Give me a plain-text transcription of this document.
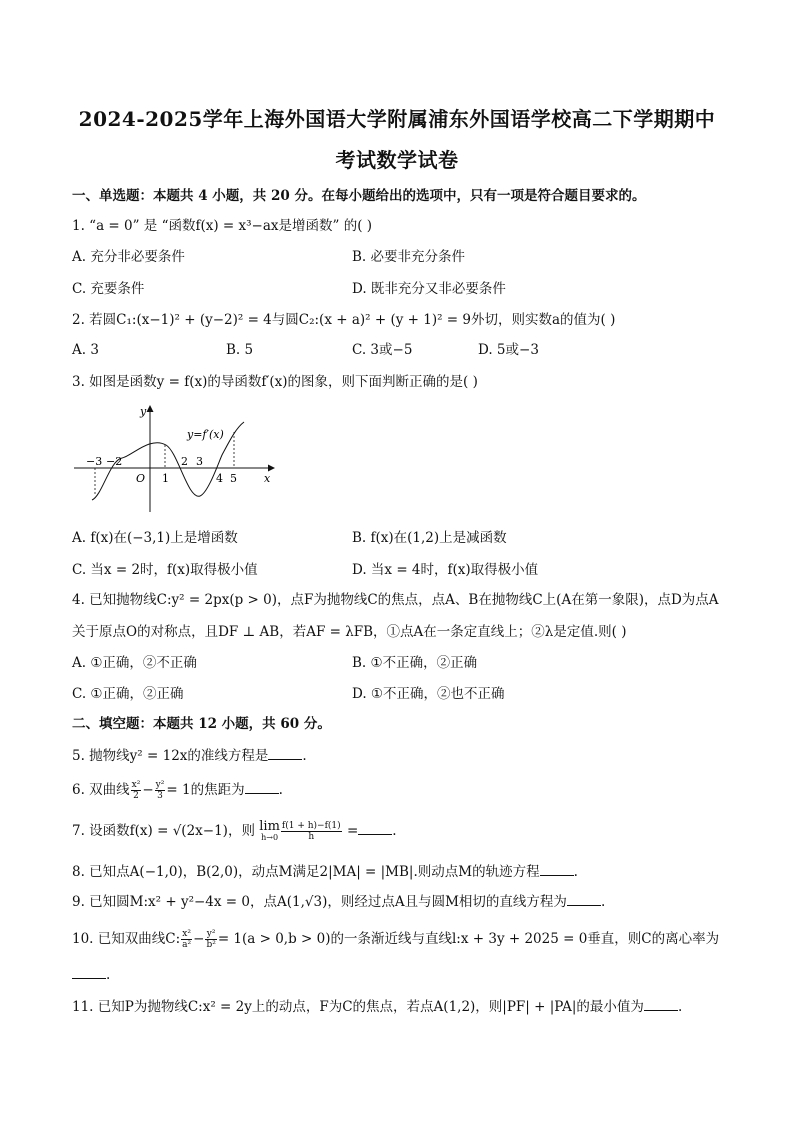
2024-2025学年上海外国语大学附属浦东外国语学校高二下学期期中
考试数学试卷
一、单选题：本题共 4 小题，共 20 分。在每小题给出的选项中，只有一项是符合题目要求的。
1. “a = 0” 是 “函数f(x) = x³−ax是增函数” 的( )
A. 充分非必要条件	B. 必要非充分条件
C. 充要条件	D. 既非充分又非必要条件
2. 若圆C₁:(x−1)² + (y−2)² = 4与圆C₂:(x + a)² + (y + 1)² = 9外切，则实数a的值为( )
A. 3	B. 5	C. 3或−5	D. 5或−3
3. 如图是函数y = f(x)的导函数f′(x)的图象，则下面判断正确的是( )
y
x
O
y=f′(x)
−3 −2
1
2 3
4 5
A. f(x)在(−3,1)上是增函数	B. f(x)在(1,2)上是减函数
C. 当x = 2时，f(x)取得极小值	D. 当x = 4时，f(x)取得极小值
4. 已知抛物线C:y² = 2px(p > 0)，点F为抛物线C的焦点，点A、B在抛物线C上(A在第一象限)，点D为点A
关于原点O的对称点，且DF ⊥ AB，若AF = λFB，①点A在一条定直线上；②λ是定值.则( )
A. ①正确，②不正确	B. ①不正确，②正确
C. ①正确，②正确	D. ①不正确，②也不正确
二、填空题：本题共 12 小题，共 60 分。
5. 抛物线y² = 12x的准线方程是	.
6. 双曲线 $\frac{\text{x²}}{2} - \frac{\text{y²}}{3} = 1$的焦距为	.
7. 设函数f(x) = √(2x−1)，则 lim
$h\to 0 \frac{f(1 + h)-f(1)}{h}$ =	.
8. 已知点A(−1,0)，B(2,0)，动点M满足2|MA| = |MB|.则动点M的轨迹方程	.
9. 已知圆M:x² + y²−4x = 0，点A(1,√3)，则经过点A且与圆M相切的直线方程为	.
10. 已知双曲线C: $\frac{\text{x²}}{\text{a²}} - \frac{\text{y²}}{\text{b²}} = 1(a > 0,b > 0)$的一条渐近线与直线l:x + 3y + 2025 = 0垂直，则C的离心率为
.
11. 已知P为抛物线C:x² = 2y上的动点，F为C的焦点，若点A(1,2)，则|PF| + |PA|的最小值为	.
